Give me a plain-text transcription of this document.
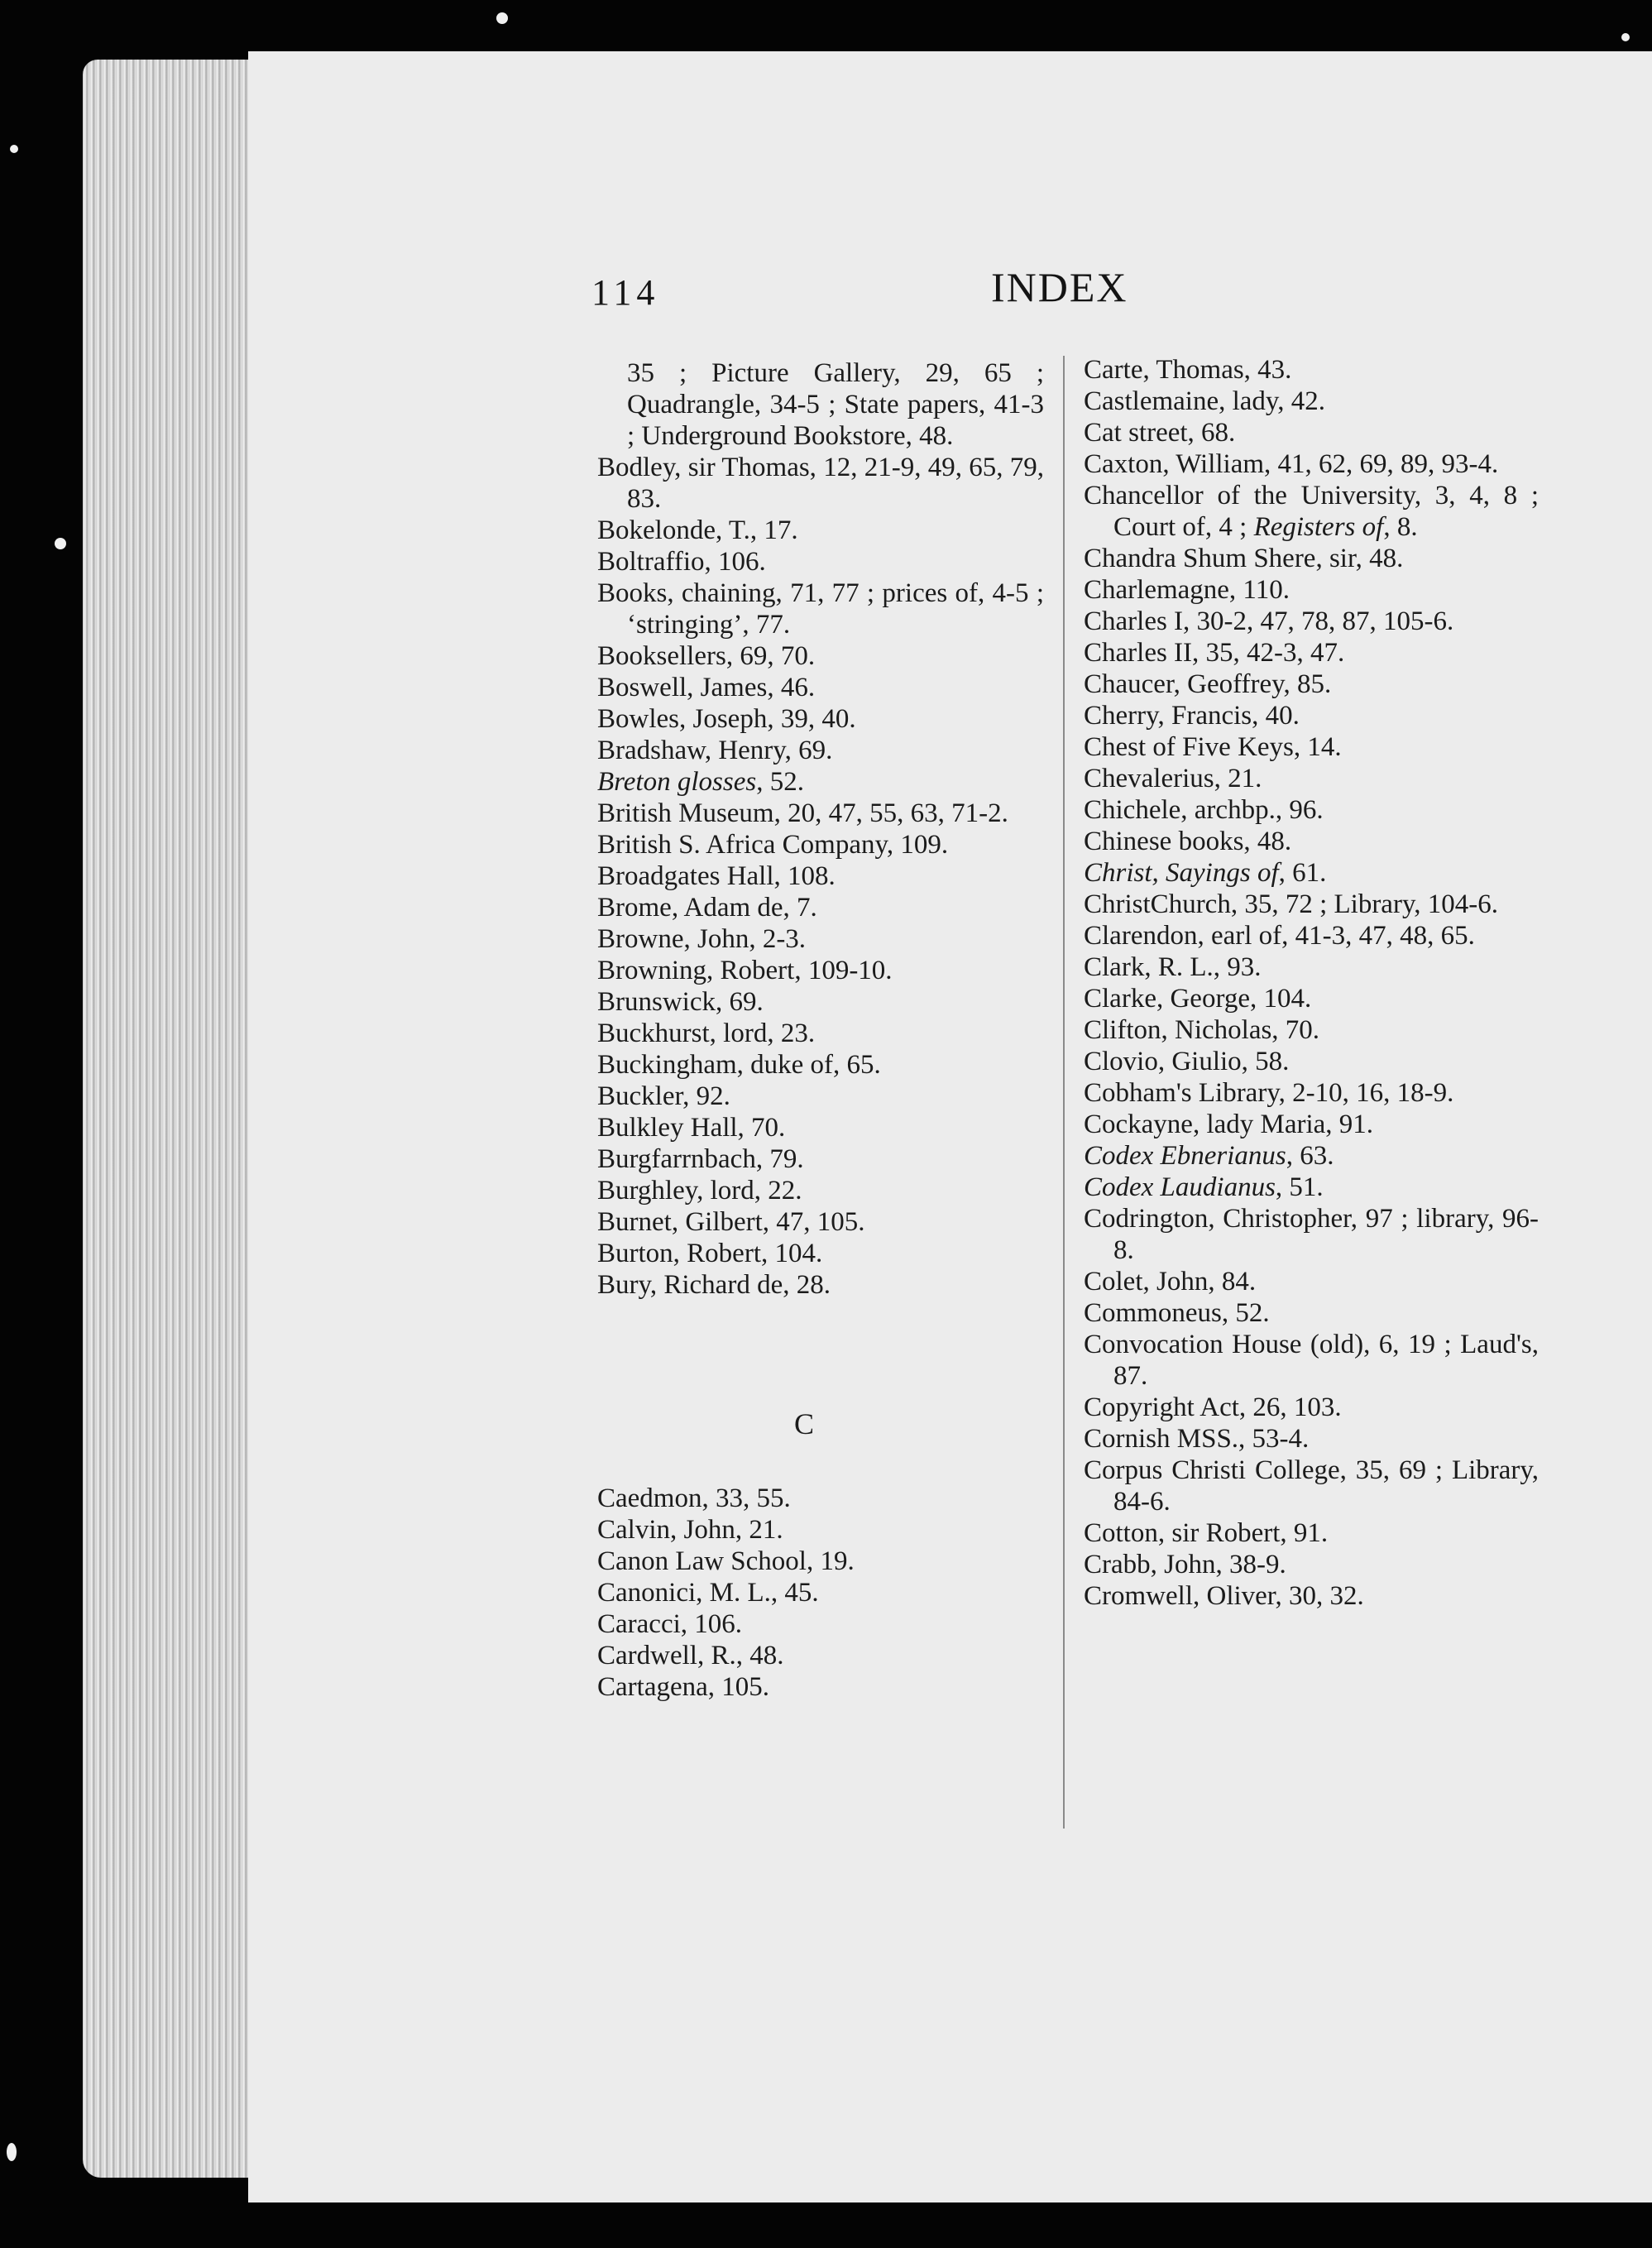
114	INDEX

35 ; Picture Gallery, 29, 65 ; Quadrangle, 34-5 ; State papers, 41-3 ; Underground Bookstore, 48.

Bodley, sir Thomas, 12, 21-9, 49, 65, 79, 83.

Bokelonde, T., 17.

Boltraffio, 106.

Books, chaining, 71, 77 ; prices of, 4-5 ; ‘stringing’, 77.

Booksellers, 69, 70.

Boswell, James, 46.

Bowles, Joseph, 39, 40.

Bradshaw, Henry, 69.

Breton glosses, 52.

British Museum, 20, 47, 55, 63, 71-2.

British S. Africa Company, 109.

Broadgates Hall, 108.

Brome, Adam de, 7.

Browne, John, 2-3.

Browning, Robert, 109-10.

Brunswick, 69.

Buckhurst, lord, 23.

Buckingham, duke of, 65.

Buckler, 92.

Bulkley Hall, 70.

Burgfarrnbach, 79.

Burghley, lord, 22.

Burnet, Gilbert, 47, 105.

Burton, Robert, 104.

Bury, Richard de, 28.

C

Caedmon, 33, 55.

Calvin, John, 21.

Canon Law School, 19.

Canonici, M. L., 45.

Caracci, 106.

Cardwell, R., 48.

Cartagena, 105.

Carte, Thomas, 43.

Castlemaine, lady, 42.

Cat street, 68.

Caxton, William, 41, 62, 69, 89, 93-4.

Chancellor of the University, 3, 4, 8 ; Court of, 4 ; Registers of, 8.

Chandra Shum Shere, sir, 48.

Charlemagne, 110.

Charles I, 30-2, 47, 78, 87, 105-6.

Charles II, 35, 42-3, 47.

Chaucer, Geoffrey, 85.

Cherry, Francis, 40.

Chest of Five Keys, 14.

Chevalerius, 21.

Chichele, archbp., 96.

Chinese books, 48.

Christ, Sayings of, 61.

ChristChurch, 35, 72 ; Library, 104-6.

Clarendon, earl of, 41-3, 47, 48, 65.

Clark, R. L., 93.

Clarke, George, 104.

Clifton, Nicholas, 70.

Clovio, Giulio, 58.

Cobham's Library, 2-10, 16, 18-9.

Cockayne, lady Maria, 91.

Codex Ebnerianus, 63.

Codex Laudianus, 51.

Codrington, Christopher, 97 ; library, 96-8.

Colet, John, 84.

Commoneus, 52.

Convocation House (old), 6, 19 ; Laud's, 87.

Copyright Act, 26, 103.

Cornish MSS., 53-4.

Corpus Christi College, 35, 69 ; Library, 84-6.

Cotton, sir Robert, 91.

Crabb, John, 38-9.

Cromwell, Oliver, 30, 32.
